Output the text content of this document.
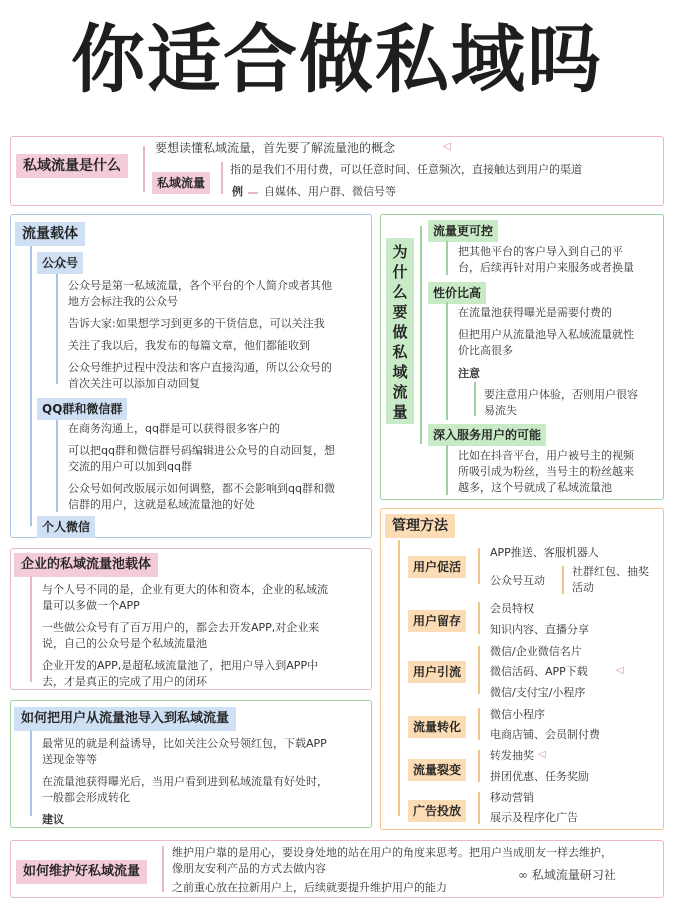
你适合做私域吗
私域流量是什么
要想读懂私域流量，首先要了解流量池的概念	◁
私域流量
指的是我们不用付费，可以任意时间、任意频次，直接触达到用户的渠道
例 自媒体、用户群、微信号等
流量载体
公众号
公众号是第一私域流量，各个平台的个人简介或者其他
地方会标注我的公众号
告诉大家:如果想学习到更多的干货信息，可以关注我
关注了我以后，我发布的每篇文章，他们都能收到
公众号维护过程中没法和客户直接沟通，所以公众号的
首次关注可以添加自动回复
QQ群和微信群
在商务沟通上，qq群是可以获得很多客户的
可以把qq群和微信群号码编辑进公众号的自动回复，想
交流的用户可以加到qq群
公众号如何改版展示如何调整，都不会影响到qq群和微
信群的用户，这就是私域流量池的好处
个人微信
企业的私域流量池载体
与个人号不同的是，企业有更大的体和资本，企业的私域流
量可以多做一个APP
一些做公众号有了百万用户的，都会去开发APP,对企业来
说，自己的公众号是个私域流量池
企业开发的APP,是超私域流量池了，把用户导入到APP中
去，才是真正的完成了用户的闭环
如何把用户从流量池导入到私域流量
最常见的就是利益诱导，比如关注公众号领红包，下载APP
送现金等等
在流量池获得曝光后，当用户看到进到私域流量有好处时，
一般都会形成转化
建议
如何维护好私域流量
维护用户靠的是用心，要设身处地的站在用户的角度来思考。把用户当成朋友一样去维护，
像朋友安利产品的方式去做内容
之前重心放在拉新用户上，后续就要提升维护用户的能力
∞ 私域流量研习社
为
什
么
要
做
私
域
流
量
流量更可控
把其他平台的客户导入到自己的平
台，后续再针对用户来服务或者换量
性价比高
在流量池获得曝光是需要付费的
但把用户从流量池导入私域流量就性
价比高很多
注意
要注意用户体验，否则用户很容
易流失
深入服务用户的可能
比如在抖音平台，用户被号主的视频
所吸引成为粉丝，当号主的粉丝越来
越多，这个号就成了私域流量池
管理方法
用户促活
APP推送、客服机器人
公众号互动
社群红包、抽奖
活动
用户留存
会员特权
知识内容、直播分享
用户引流
微信/企业微信名片
微信活码、APP下载	◁
微信/支付宝/小程序
流量转化
微信小程序
电商店铺、会员制付费
流量裂变
转发抽奖 ◁
拼团优惠、任务奖励
广告投放
移动营销
展示及程序化广告
